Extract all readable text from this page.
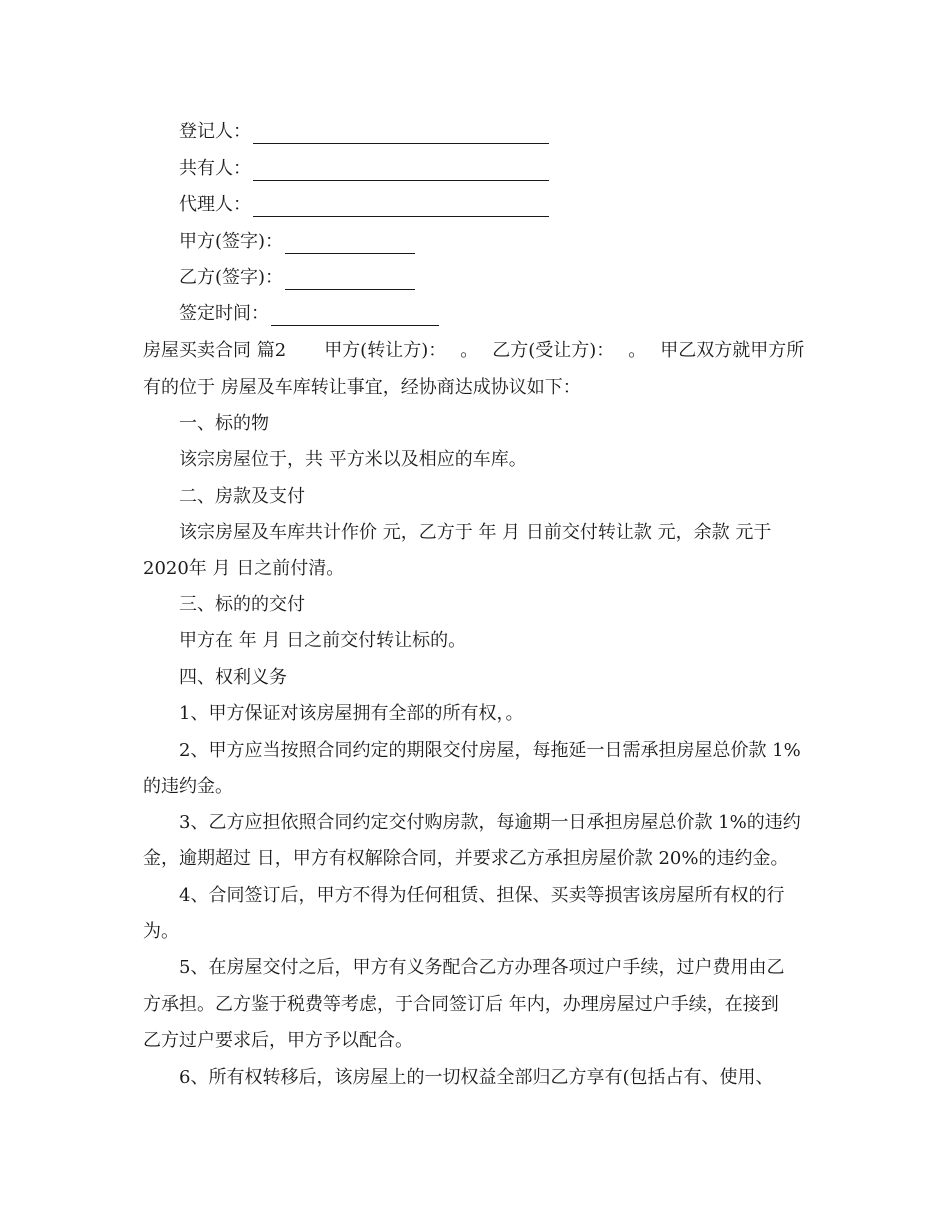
登记人：
共有人：
代理人：
甲方(签字)：
乙方(签字)：
签定时间：
房屋买卖合同 篇2 甲方(转让方)： 。 乙方(受让方)： 。 甲乙双方就甲方所
有的位于 房屋及车库转让事宜，经协商达成协议如下：
一、标的物
该宗房屋位于，共 平方米以及相应的车库。
二、房款及支付
该宗房屋及车库共计作价 元，乙方于 年 月 日前交付转让款 元，余款 元于
2020年 月 日之前付清。
三、标的的交付
甲方在 年 月 日之前交付转让标的。
四、权利义务
1、甲方保证对该房屋拥有全部的所有权，。
2、甲方应当按照合同约定的期限交付房屋，每拖延一日需承担房屋总价款 1%
的违约金。
3、乙方应担依照合同约定交付购房款，每逾期一日承担房屋总价款 1%的违约
金，逾期超过 日，甲方有权解除合同，并要求乙方承担房屋价款 20%的违约金。
4、合同签订后，甲方不得为任何租赁、担保、买卖等损害该房屋所有权的行
为。
5、在房屋交付之后，甲方有义务配合乙方办理各项过户手续，过户费用由乙
方承担。乙方鉴于税费等考虑，于合同签订后 年内，办理房屋过户手续，在接到
乙方过户要求后，甲方予以配合。
6、所有权转移后，该房屋上的一切权益全部归乙方享有(包括占有、使用、
